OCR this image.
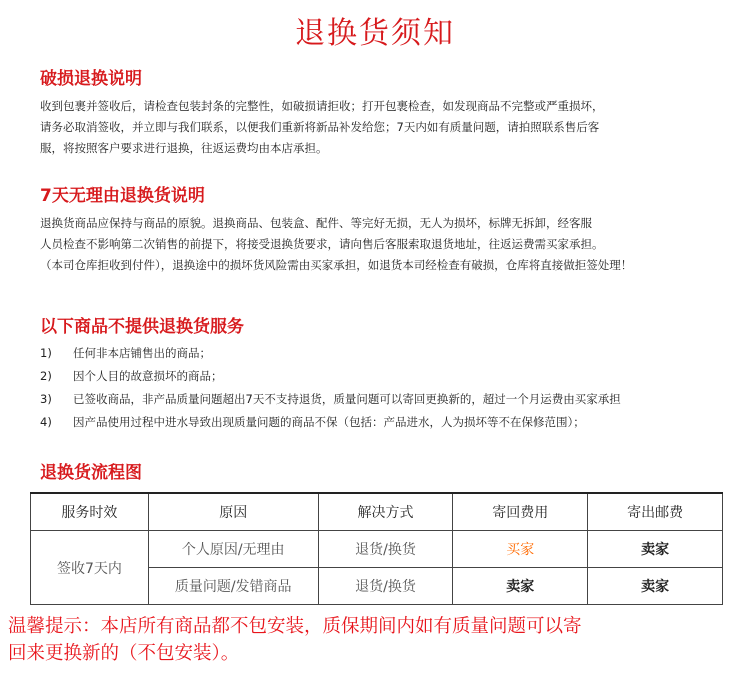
退换货须知
破损退换说明
收到包裹并签收后，请检查包装封条的完整性，如破损请拒收；打开包裹检查，如发现商品不完整或严重损坏，
请务必取消签收，并立即与我们联系，以便我们重新将新品补发给您；7天内如有质量问题，请拍照联系售后客
服，将按照客户要求进行退换，往返运费均由本店承担。
7天无理由退换货说明
退换货商品应保持与商品的原貌。退换商品、包装盒、配件、等完好无损，无人为损坏，标牌无拆卸，经客服
人员检查不影响第二次销售的前提下，将接受退换货要求，请向售后客服索取退货地址，往返运费需买家承担。
（本司仓库拒收到付件），退换途中的损坏货风险需由买家承担，如退货本司经检查有破损，仓库将直接做拒签处理！
以下商品不提供退换货服务
1) 任何非本店铺售出的商品；
2) 因个人目的故意损坏的商品；
3) 已签收商品，非产品质量问题超出7天不支持退货，质量问题可以寄回更换新的，超过一个月运费由买家承担
4) 因产品使用过程中进水导致出现质量问题的商品不保（包括：产品进水，人为损坏等不在保修范围）；
退换货流程图
服务时效	原因	解决方式	寄回费用	寄出邮费
签收7天内	个人原因/无理由	退货/换货	买家	卖家
	质量问题/发错商品	退货/换货	卖家	卖家
温馨提示：本店所有商品都不包安装，质保期间内如有质量问题可以寄
回来更换新的（不包安装）。
